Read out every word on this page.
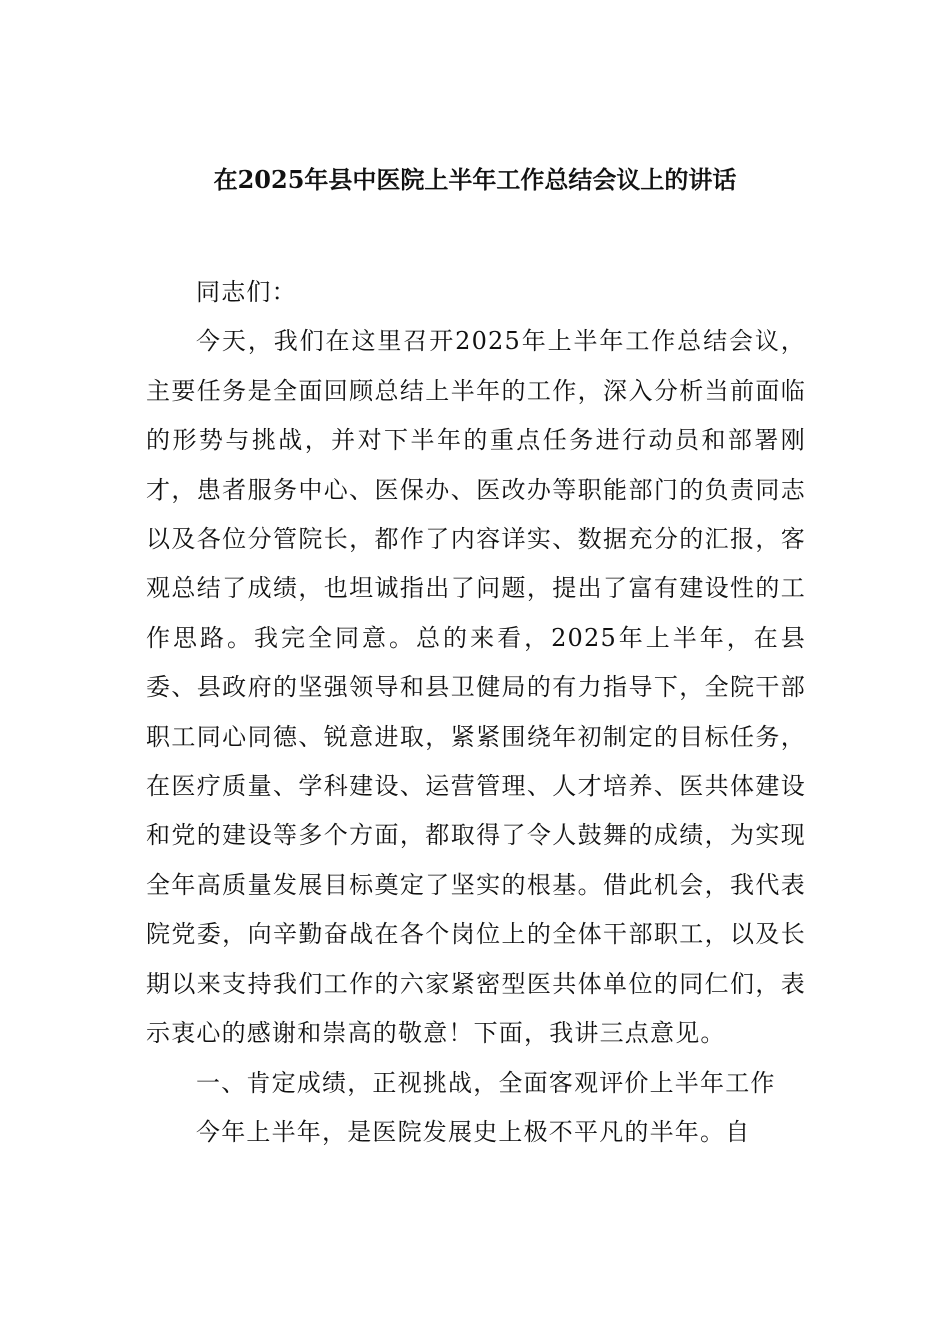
在2025年县中医院上半年工作总结会议上的讲话

同志们：

今天，我们在这里召开2025年上半年工作总结会议，主要任务是全面回顾总结上半年的工作，深入分析当前面临的形势与挑战，并对下半年的重点任务进行动员和部署刚才，患者服务中心、医保办、医改办等职能部门的负责同志以及各位分管院长，都作了内容详实、数据充分的汇报，客观总结了成绩，也坦诚指出了问题，提出了富有建设性的工作思路。我完全同意。总的来看，2025年上半年，在县委、县政府的坚强领导和县卫健局的有力指导下，全院干部职工同心同德、锐意进取，紧紧围绕年初制定的目标任务，在医疗质量、学科建设、运营管理、人才培养、医共体建设和党的建设等多个方面，都取得了令人鼓舞的成绩，为实现全年高质量发展目标奠定了坚实的根基。借此机会，我代表院党委，向辛勤奋战在各个岗位上的全体干部职工，以及长期以来支持我们工作的六家紧密型医共体单位的同仁们，表示衷心的感谢和崇高的敬意！下面，我讲三点意见。

一、肯定成绩，正视挑战，全面客观评价上半年工作

今年上半年，是医院发展史上极不平凡的半年。自
